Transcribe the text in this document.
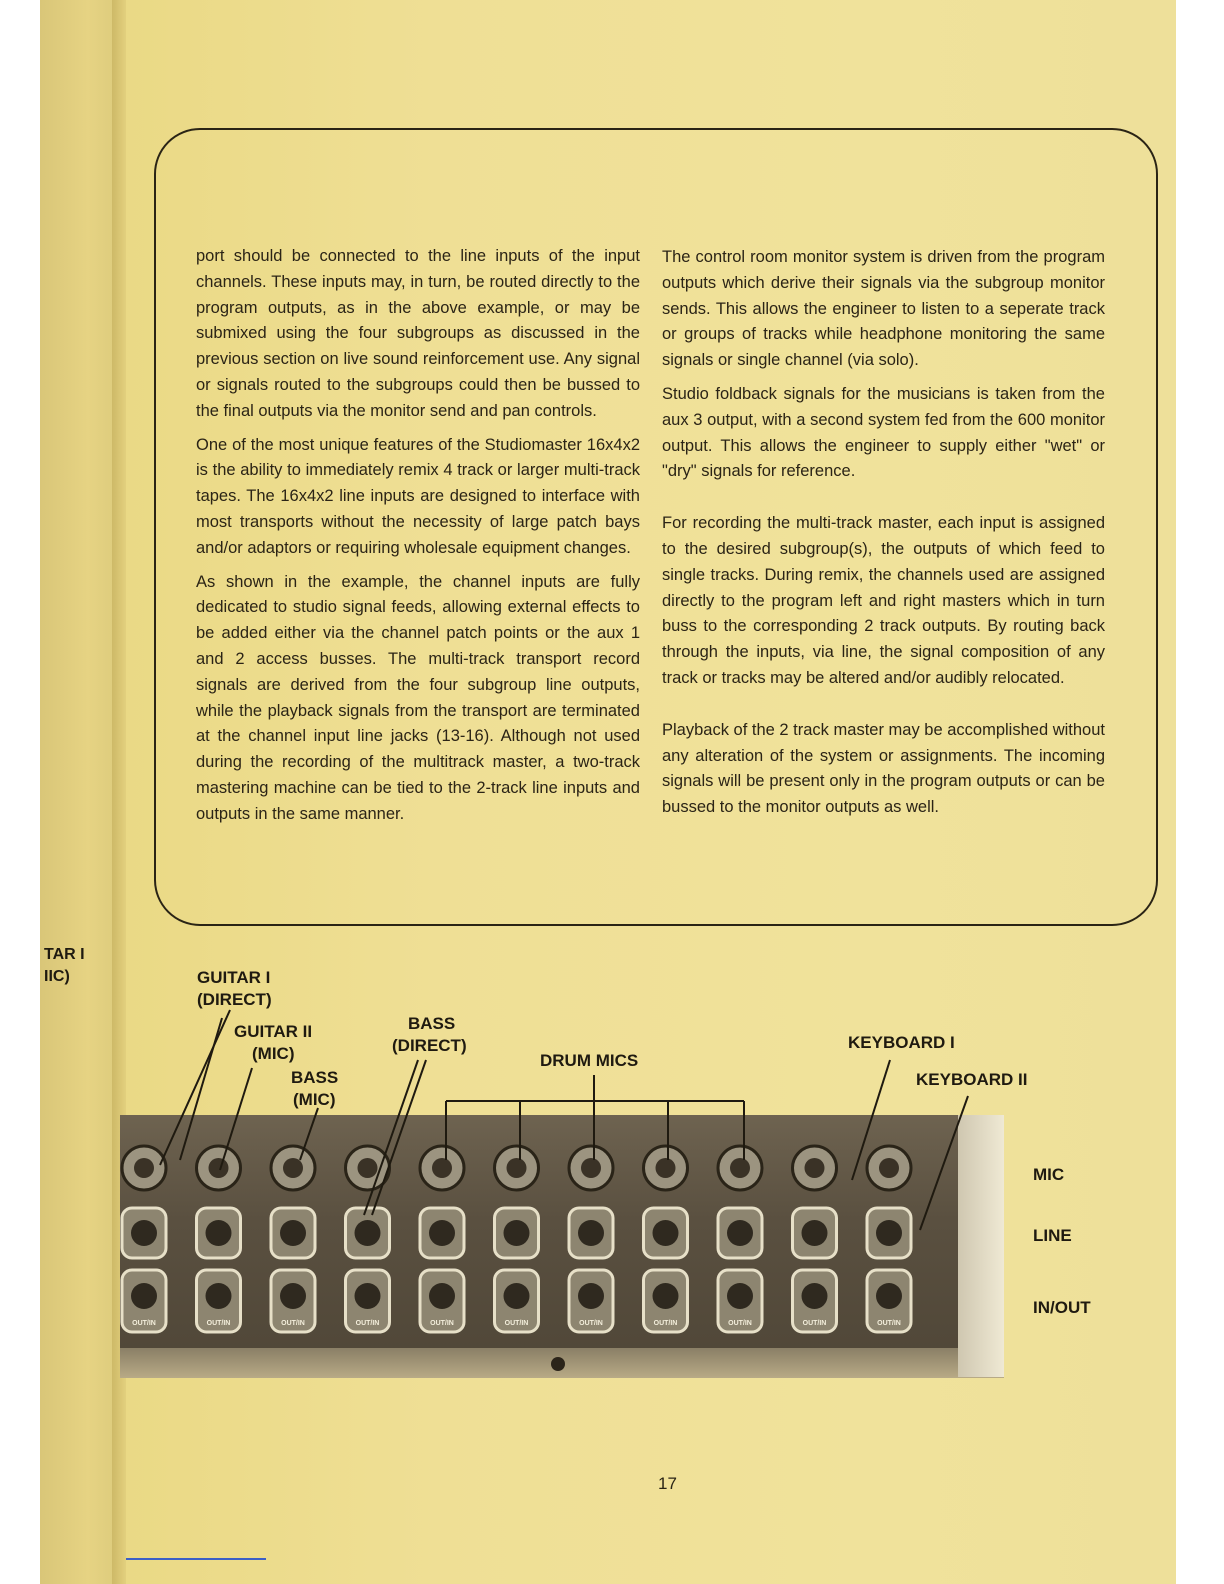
TAR I
IIC)

port should be connected to the line inputs of the input channels. These inputs may, in turn, be routed directly to the program outputs, as in the above example, or may be submixed using the four subgroups as discussed in the previous section on live sound reinforcement use. Any signal or signals routed to the subgroups could then be bussed to the final outputs via the monitor send and pan controls.

One of the most unique features of the Studiomaster 16x4x2 is the ability to immediately remix 4 track or larger multi-track tapes. The 16x4x2 line inputs are designed to interface with most transports without the necessity of large patch bays and/or adaptors or requiring wholesale equipment changes.

As shown in the example, the channel inputs are fully dedicated to studio signal feeds, allowing external effects to be added either via the channel patch points or the aux 1 and 2 access busses. The multi-track transport record signals are derived from the four subgroup line outputs, while the playback signals from the transport are terminated at the channel input line jacks (13-16). Although not used during the recording of the multitrack master, a two-track mastering machine can be tied to the 2-track line inputs and outputs in the same manner.

The control room monitor system is driven from the program outputs which derive their signals via the subgroup monitor sends. This allows the engineer to listen to a seperate track or groups of tracks while headphone monitoring the same signals or single channel (via solo).

Studio foldback signals for the musicians is taken from the aux 3 output, with a second system fed from the 600 monitor output. This allows the engineer to supply either "wet" or "dry" signals for reference.

For recording the multi-track master, each input is assigned to the desired subgroup(s), the outputs of which feed to single tracks. During remix, the channels used are assigned directly to the program left and right masters which in turn buss to the corresponding 2 track outputs. By routing back through the inputs, via line, the signal composition of any track or tracks may be altered and/or audibly relocated.

Playback of the 2 track master may be accomplished without any alteration of the system or assignments. The incoming signals will be present only in the program outputs or can be bussed to the monitor outputs as well.

OUT/IN	OUT/IN	OUT/IN	OUT/IN	OUT/IN	OUT/IN	OUT/IN	OUT/IN	OUT/IN	OUT/IN	OUT/IN
GUITAR I
(DIRECT)
GUITAR II
(MIC)
BASS
(MIC)
BASS
(DIRECT)
DRUM MICS
KEYBOARD I
KEYBOARD II
MIC
LINE
IN/OUT
17
